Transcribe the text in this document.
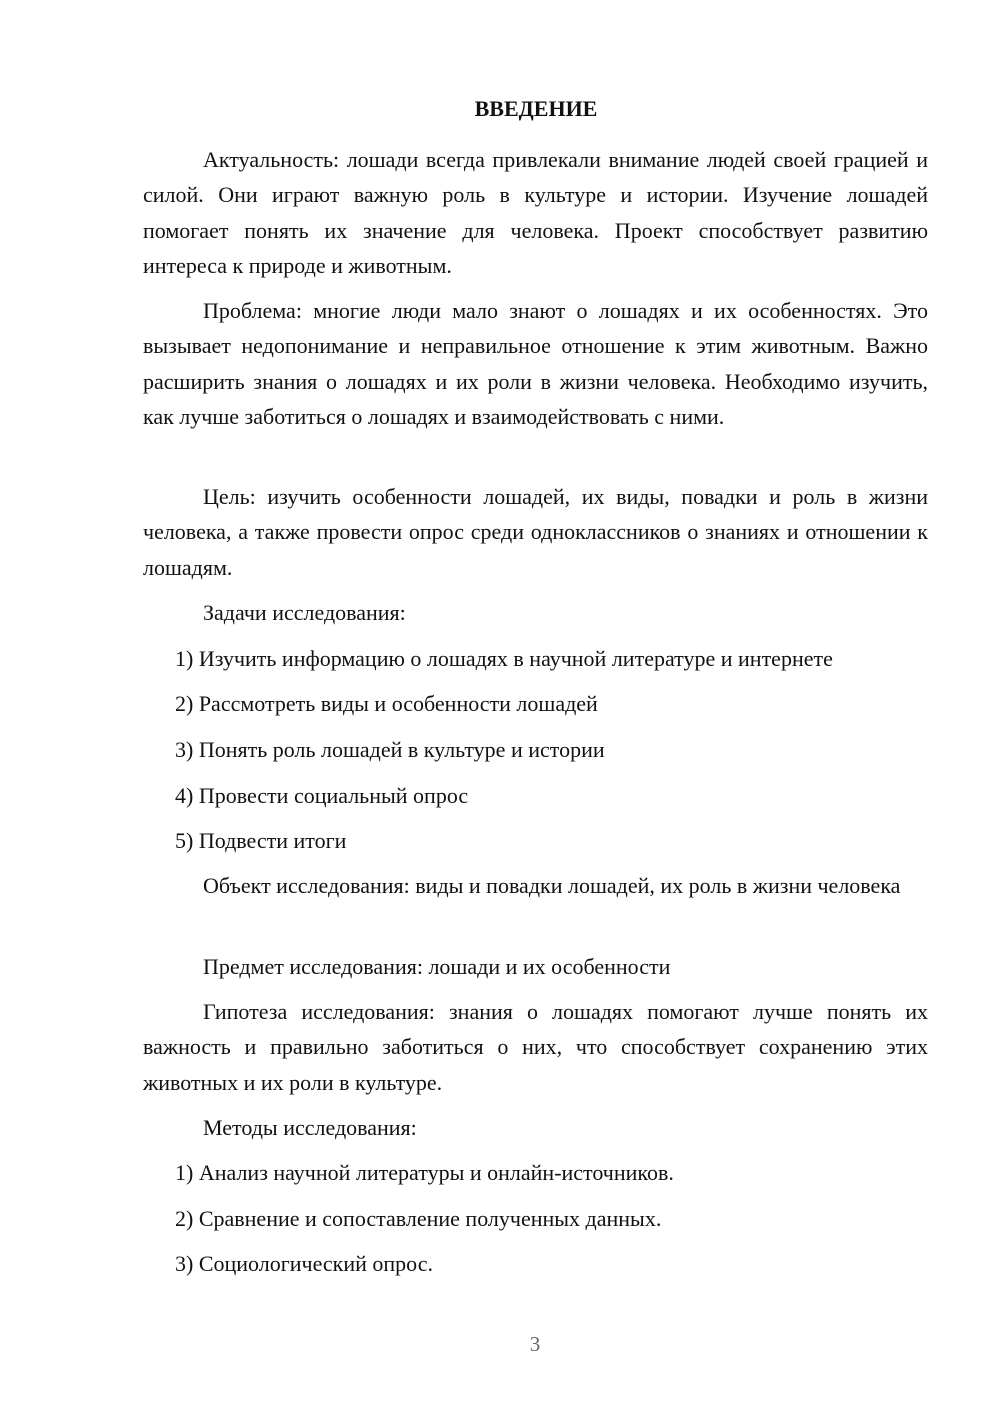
ВВЕДЕНИЕ

Актуальность: лошади всегда привлекали внимание людей своей грацией и силой. Они играют важную роль в культуре и истории. Изучение лошадей помогает понять их значение для человека. Проект способствует развитию интереса к природе и животным.

Проблема: многие люди мало знают о лошадях и их особенностях. Это вызывает недопонимание и неправильное отношение к этим животным. Важно расширить знания о лошадях и их роли в жизни человека. Необходимо изучить, как лучше заботиться о лошадях и взаимодействовать с ними.

Цель: изучить особенности лошадей, их виды, повадки и роль в жизни человека, а также провести опрос среди одноклассников о знаниях и отношении к лошадям.

Задачи исследования:

1) Изучить информацию о лошадях в научной литературе и интернете

2) Рассмотреть виды и особенности лошадей

3) Понять роль лошадей в культуре и истории

4) Провести социальный опрос

5) Подвести итоги

Объект исследования: виды и повадки лошадей, их роль в жизни человека

Предмет исследования: лошади и их особенности

Гипотеза исследования: знания о лошадях помогают лучше понять их важность и правильно заботиться о них, что способствует сохранению этих животных и их роли в культуре.

Методы исследования:

1) Анализ научной литературы и онлайн-источников.

2) Сравнение и сопоставление полученных данных.

3) Социологический опрос.

3
